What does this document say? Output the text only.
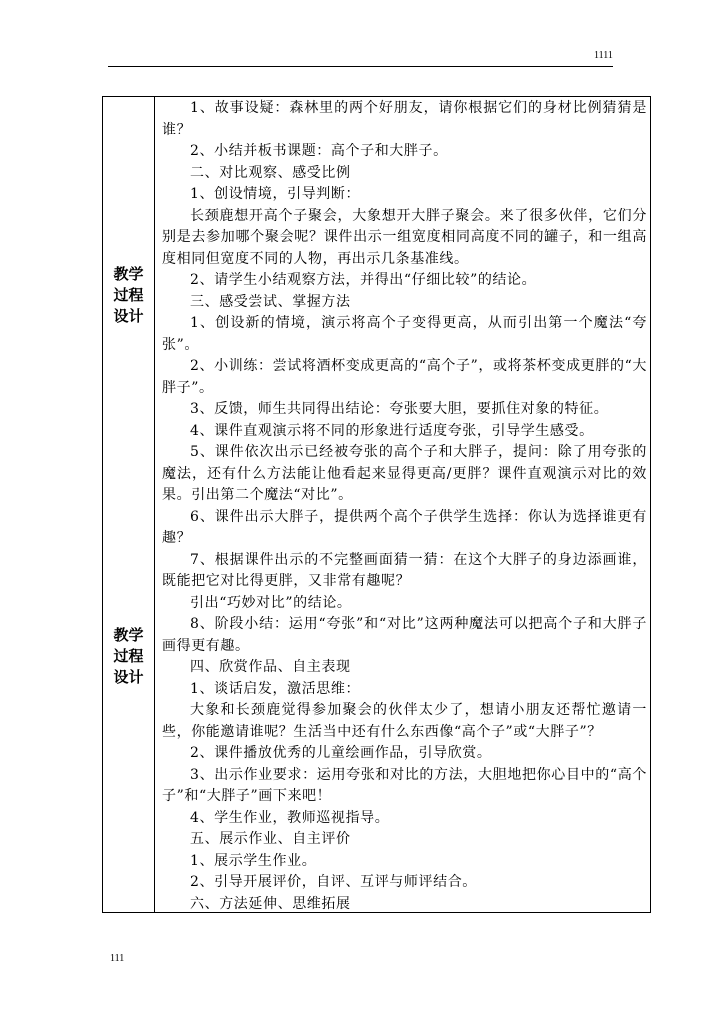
1111
教学
过程
设计
教学
过程
设计

1、故事设疑：森林里的两个好朋友，请你根据它们的身材比例猜猜是谁？

2、小结并板书课题：高个子和大胖子。

二、对比观察、感受比例

1、创设情境，引导判断：

长颈鹿想开高个子聚会，大象想开大胖子聚会。来了很多伙伴，它们分别是去参加哪个聚会呢？课件出示一组宽度相同高度不同的罐子，和一组高度相同但宽度不同的人物，再出示几条基准线。

2、请学生小结观察方法，并得出“仔细比较”的结论。

三、感受尝试、掌握方法

1、创设新的情境，演示将高个子变得更高，从而引出第一个魔法“夸张”。

2、小训练：尝试将酒杯变成更高的“高个子”，或将茶杯变成更胖的“大胖子”。

3、反馈，师生共同得出结论：夸张要大胆，要抓住对象的特征。

4、课件直观演示将不同的形象进行适度夸张，引导学生感受。

5、课件依次出示已经被夸张的高个子和大胖子，提问：除了用夸张的魔法，还有什么方法能让他看起来显得更高/更胖？课件直观演示对比的效果。引出第二个魔法“对比”。

6、课件出示大胖子，提供两个高个子供学生选择：你认为选择谁更有趣？

7、根据课件出示的不完整画面猜一猜：在这个大胖子的身边添画谁，既能把它对比得更胖，又非常有趣呢？

引出“巧妙对比”的结论。

8、阶段小结：运用“夸张”和“对比”这两种魔法可以把高个子和大胖子画得更有趣。

四、欣赏作品、自主表现

1、谈话启发，激活思维：

大象和长颈鹿觉得参加聚会的伙伴太少了，想请小朋友还帮忙邀请一些，你能邀请谁呢？生活当中还有什么东西像“高个子”或“大胖子”？

2、课件播放优秀的儿童绘画作品，引导欣赏。

3、出示作业要求：运用夸张和对比的方法，大胆地把你心目中的“高个子”和“大胖子”画下来吧！

4、学生作业，教师巡视指导。

五、展示作业、自主评价

1、展示学生作业。

2、引导开展评价，自评、互评与师评结合。

六、方法延伸、思维拓展

111
